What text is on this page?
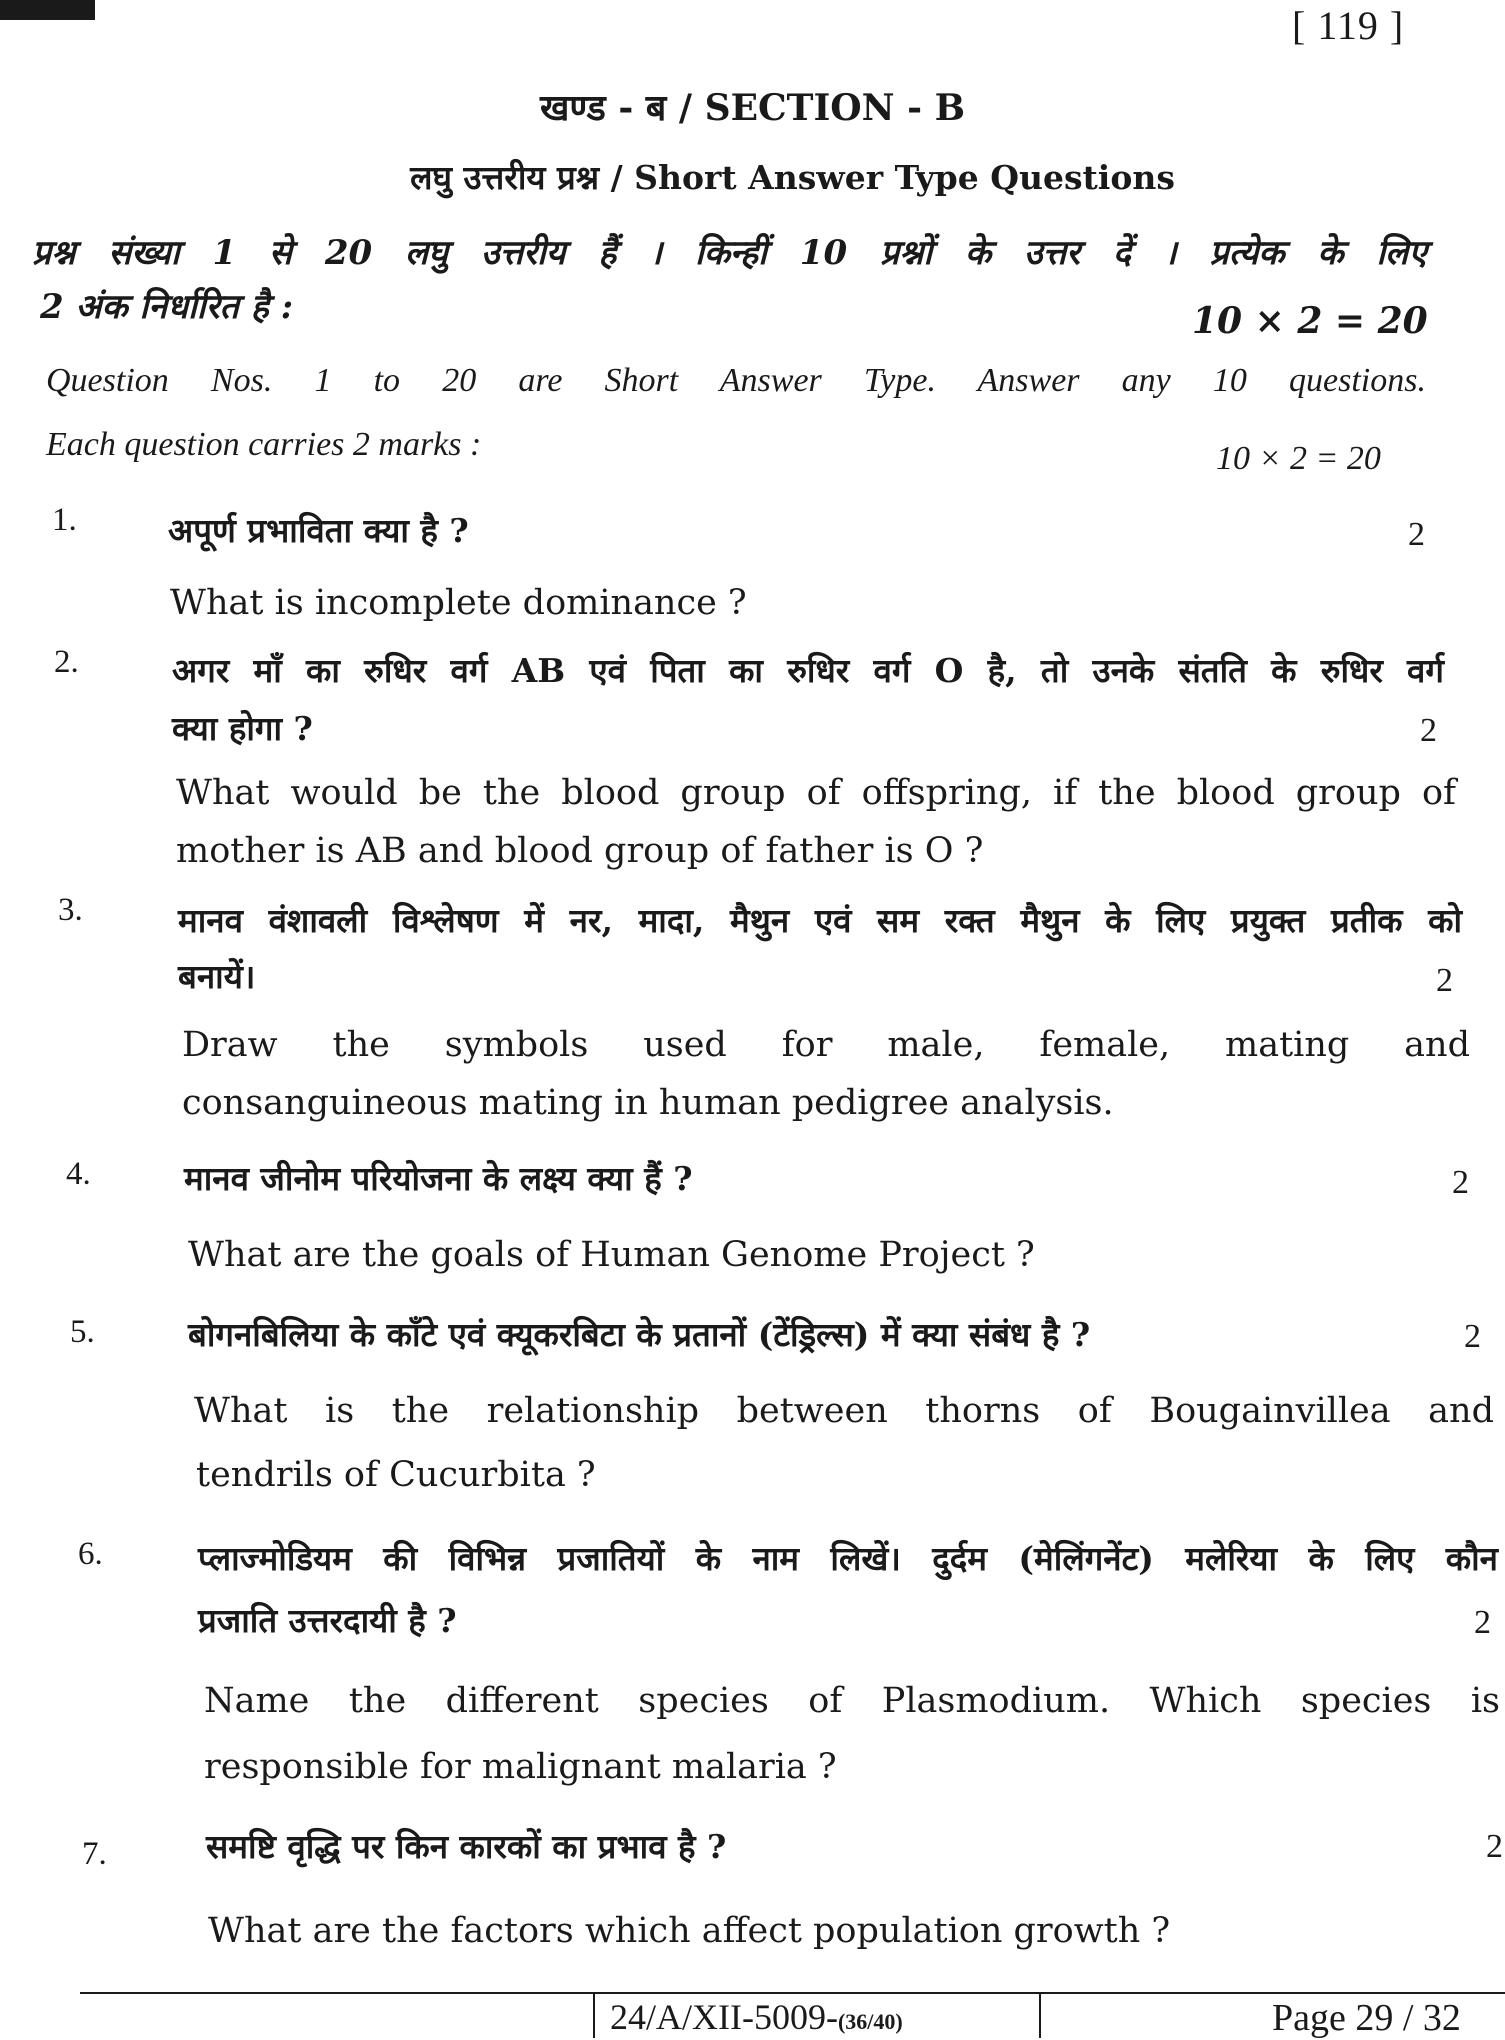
[ 119 ]
खण्ड - ब / SECTION - B
लघु उत्तरीय प्रश्न / Short Answer Type Questions
प्रश्न संख्या 1 से 20 लघु उत्तरीय हैं । किन्हीं 10 प्रश्नों के उत्तर दें । प्रत्येक के लिए
2 अंक निर्धारित है :	10 × 2 = 20
Question Nos. 1 to 20 are Short Answer Type. Answer any 10 questions.
Each question carries 2 marks :	10 × 2 = 20
1.	अपूर्ण प्रभाविता क्या है ?	2
What is incomplete dominance ?
2.	अगर माँ का रुधिर वर्ग AB एवं पिता का रुधिर वर्ग O है, तो उनके संतति के रुधिर वर्ग
क्या होगा ?	2
What would be the blood group of offspring, if the blood group of
mother is AB and blood group of father is O ?
3.	मानव वंशावली विश्लेषण में नर, मादा, मैथुन एवं सम रक्त मैथुन के लिए प्रयुक्त प्रतीक को
बनायें।	2
Draw the symbols used for male, female, mating and
consanguineous mating in human pedigree analysis.
4.	मानव जीनोम परियोजना के लक्ष्य क्या हैं ?	2
What are the goals of Human Genome Project ?
5.	बोगनबिलिया के काँटे एवं क्यूकरबिटा के प्रतानों (टेंड्रिल्स) में क्या संबंध है ?	2
What is the relationship between thorns of Bougainvillea and
tendrils of Cucurbita ?
6.	प्लाज्मोडियम की विभिन्न प्रजातियों के नाम लिखें। दुर्दम (मेलिंगनेंट) मलेरिया के लिए कौन
प्रजाति उत्तरदायी है ?	2
Name the different species of Plasmodium. Which species is
responsible for malignant malaria ?
7.	समष्टि वृद्धि पर किन कारकों का प्रभाव है ?	2
What are the factors which affect population growth ?
24/A/XII-5009-(36/40)	Page 29 / 32
